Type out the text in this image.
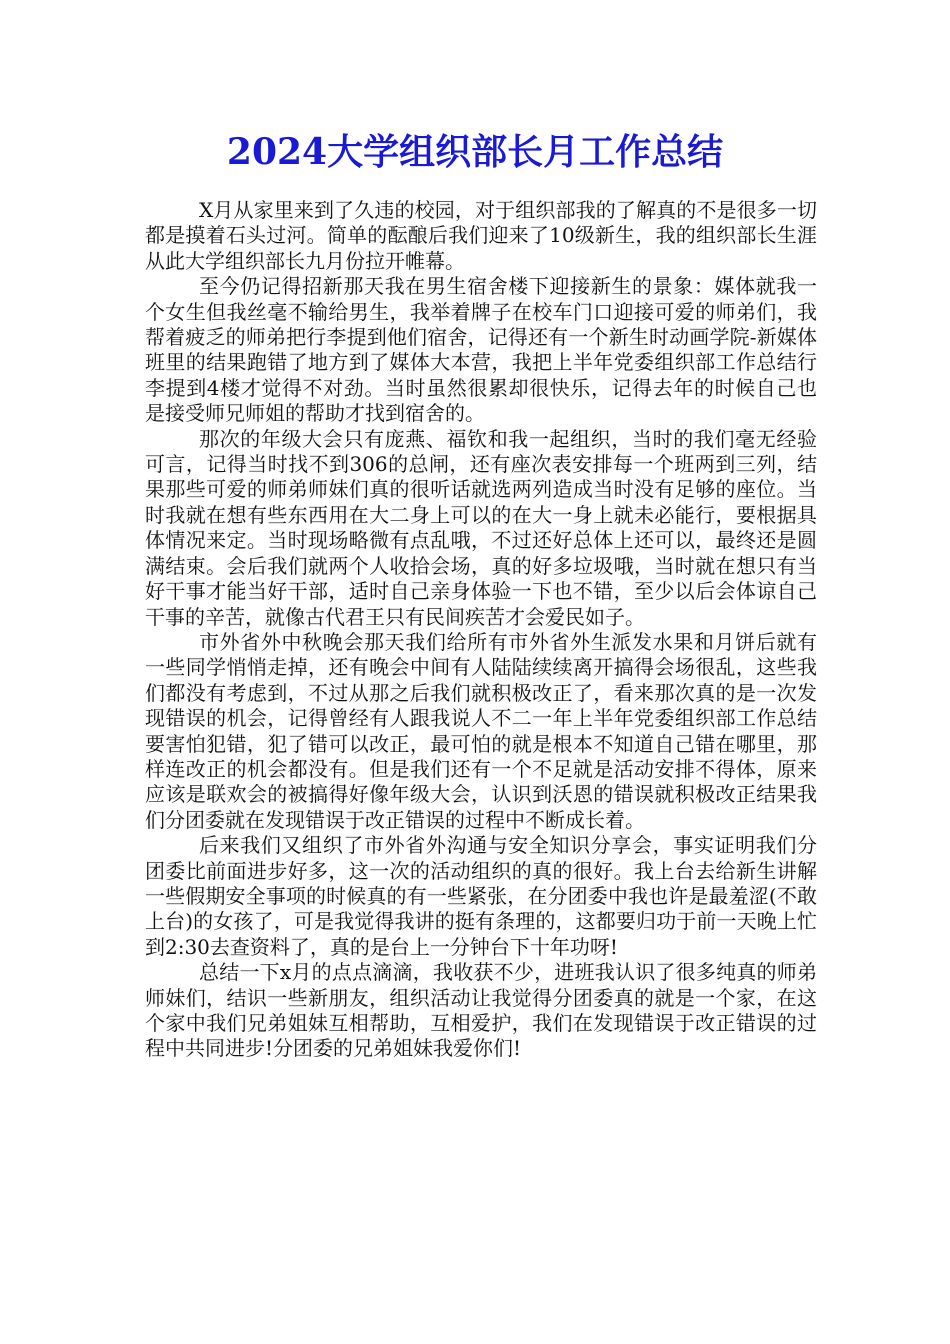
2024大学组织部长月工作总结

X月从家里来到了久违的校园，对于组织部我的了解真的不是很多一切都是摸着石头过河。简单的酝酿后我们迎来了10级新生，我的组织部长生涯从此大学组织部长九月份拉开帷幕。

至今仍记得招新那天我在男生宿舍楼下迎接新生的景象：媒体就我一个女生但我丝毫不输给男生，我举着牌子在校车门口迎接可爱的师弟们，我帮着疲乏的师弟把行李提到他们宿舍，记得还有一个新生时动画学院-新媒体班里的结果跑错了地方到了媒体大本营，我把上半年党委组织部工作总结行李提到4楼才觉得不对劲。当时虽然很累却很快乐，记得去年的时候自己也是接受师兄师姐的帮助才找到宿舍的。

那次的年级大会只有庞燕、福钦和我一起组织，当时的我们毫无经验可言，记得当时找不到306的总闸，还有座次表安排每一个班两到三列，结果那些可爱的师弟师妹们真的很听话就选两列造成当时没有足够的座位。当时我就在想有些东西用在大二身上可以的在大一身上就未必能行，要根据具体情况来定。当时现场略微有点乱哦，不过还好总体上还可以，最终还是圆满结束。会后我们就两个人收拾会场，真的好多垃圾哦，当时就在想只有当好干事才能当好干部，适时自己亲身体验一下也不错，至少以后会体谅自己干事的辛苦，就像古代君王只有民间疾苦才会爱民如子。

市外省外中秋晚会那天我们给所有市外省外生派发水果和月饼后就有一些同学悄悄走掉，还有晚会中间有人陆陆续续离开搞得会场很乱，这些我们都没有考虑到，不过从那之后我们就积极改正了，看来那次真的是一次发现错误的机会，记得曾经有人跟我说人不二一年上半年党委组织部工作总结要害怕犯错，犯了错可以改正，最可怕的就是根本不知道自己错在哪里，那样连改正的机会都没有。但是我们还有一个不足就是活动安排不得体，原来应该是联欢会的被搞得好像年级大会，认识到沃恩的错误就积极改正结果我们分团委就在发现错误于改正错误的过程中不断成长着。

后来我们又组织了市外省外沟通与安全知识分享会，事实证明我们分团委比前面进步好多，这一次的活动组织的真的很好。我上台去给新生讲解一些假期安全事项的时候真的有一些紧张，在分团委中我也许是最羞涩(不敢上台)的女孩了，可是我觉得我讲的挺有条理的，这都要归功于前一天晚上忙到2:30去查资料了，真的是台上一分钟台下十年功呀!

总结一下x月的点点滴滴，我收获不少，进班我认识了很多纯真的师弟师妹们，结识一些新朋友，组织活动让我觉得分团委真的就是一个家，在这个家中我们兄弟姐妹互相帮助，互相爱护，我们在发现错误于改正错误的过程中共同进步!分团委的兄弟姐妹我爱你们!
